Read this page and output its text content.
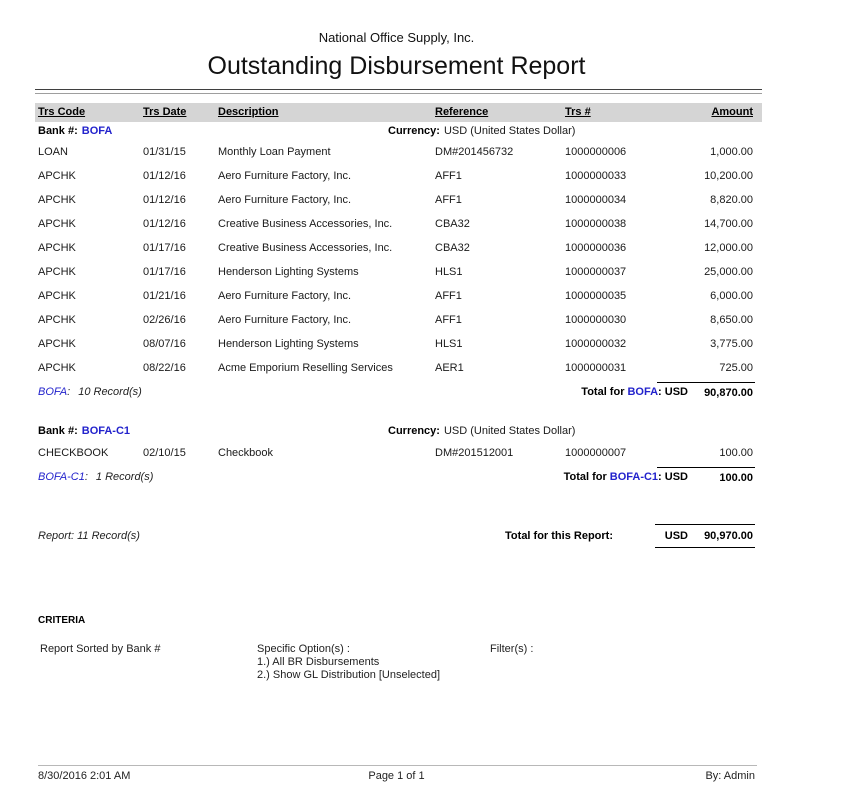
National Office Supply, Inc.
Outstanding Disbursement Report
Trs Code	Trs Date	Description	Reference	Trs #	Amount
Bank #: BOFA	Currency: USD (United States Dollar)
LOAN	01/31/15	Monthly Loan Payment	DM#201456732	1000000006	1,000.00
APCHK	01/12/16	Aero Furniture Factory, Inc.	AFF1	1000000033	10,200.00
APCHK	01/12/16	Aero Furniture Factory, Inc.	AFF1	1000000034	8,820.00
APCHK	01/12/16	Creative Business Accessories, Inc.	CBA32	1000000038	14,700.00
APCHK	01/17/16	Creative Business Accessories, Inc.	CBA32	1000000036	12,000.00
APCHK	01/17/16	Henderson Lighting Systems	HLS1	1000000037	25,000.00
APCHK	01/21/16	Aero Furniture Factory, Inc.	AFF1	1000000035	6,000.00
APCHK	02/26/16	Aero Furniture Factory, Inc.	AFF1	1000000030	8,650.00
APCHK	08/07/16	Henderson Lighting Systems	HLS1	1000000032	3,775.00
APCHK	08/22/16	Acme Emporium Reselling Services	AER1	1000000031	725.00
BOFA: 10 Record(s)	Total for BOFA: USD	90,870.00
Bank #: BOFA-C1	Currency: USD (United States Dollar)
CHECKBOOK	02/10/15	Checkbook	DM#201512001	1000000007	100.00
BOFA-C1: 1 Record(s)	Total for BOFA-C1: USD	100.00
Report: 11 Record(s)	Total for this Report:	USD	90,970.00
CRITERIA
Report Sorted by Bank #	Specific Option(s) :
1.) All BR Disbursements
2.) Show GL Distribution [Unselected]
Filter(s) :
8/30/2016 2:01 AM	Page 1 of 1	By: Admin
